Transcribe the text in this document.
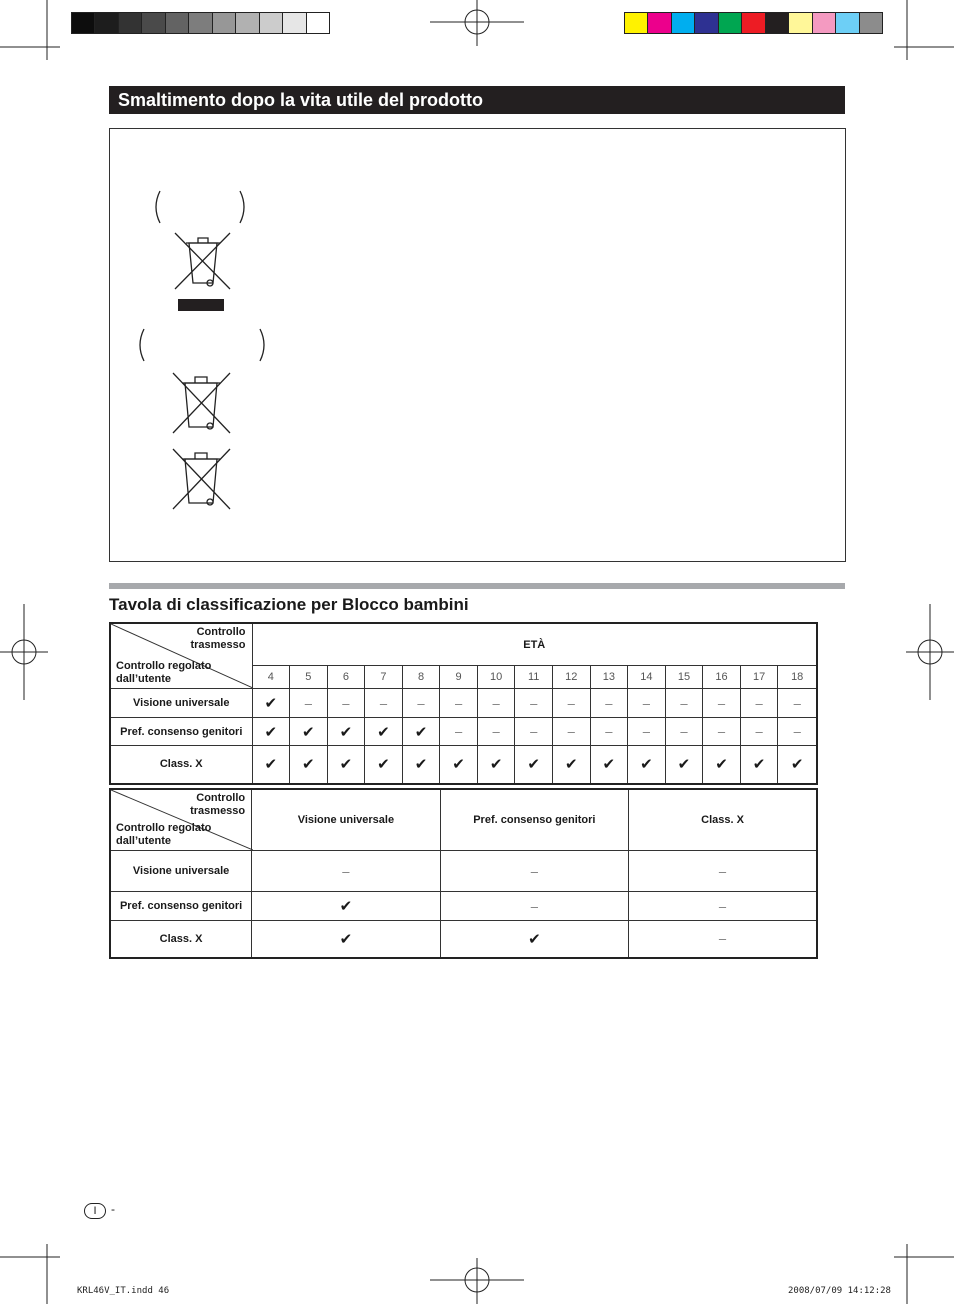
Smaltimento dopo la vita utile del prodotto
Tavola di classificazione per Blocco bambini
Controllo trasmesso
Controllo regolato dall’utente	ETÀ														
	4	5	6	7	8	9	10	11	12	13	14	15	16	17	18
Visione universale	✔	–	–	–	–	–	–	–	–	–	–	–	–	–	–
Pref. consenso genitori	✔	✔	✔	✔	✔	–	–	–	–	–	–	–	–	–	–
Class. X	✔	✔	✔	✔	✔	✔	✔	✔	✔	✔	✔	✔	✔	✔	✔
Controllo trasmesso
Controllo regolato dall’utente	Visione universale	Pref. consenso genitori	Class. X
Visione universale	–	–	–
Pref. consenso genitori	✔	–	–
Class. X	✔	✔	–
I	-
KRL46V_IT.indd 46	2008/07/09 14:12:28
